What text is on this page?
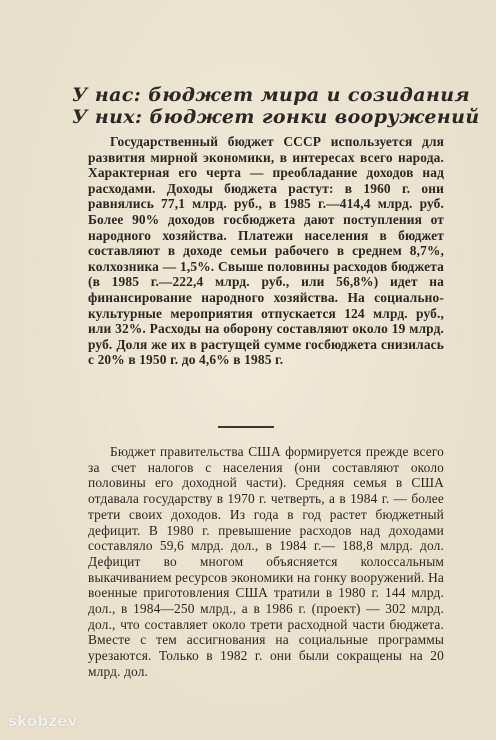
У нас: бюджет мира и созидания
У них: бюджет гонки вооружений

Государственный бюджет СССР используется для развития мирной экономики, в интересах всего народа. Характерная его черта — преобладание доходов над расходами. Доходы бюджета растут: в 1960 г. они равнялись 77,1 млрд. руб., в 1985 г.—414,4 млрд. руб. Более 90% доходов госбюджета дают поступления от народного хозяйства. Платежи населения в бюджет составляют в доходе семьи рабочего в среднем 8,7%, колхозника — 1,5%. Свыше половины расходов бюджета (в 1985 г.—222,4 млрд. руб., или 56,8%) идет на финансирование народного хозяйства. На социально-культурные мероприятия отпускается 124 млрд. руб., или 32%. Расходы на оборону составляют около 19 млрд. руб. Доля же их в растущей сумме госбюджета снизилась с 20% в 1950 г. до 4,6% в 1985 г.

Бюджет правительства США формируется прежде всего за счет налогов с населения (они составляют около половины его доходной части). Средняя семья в США отдавала государству в 1970 г. четверть, а в 1984 г. — более трети своих доходов. Из года в год растет бюджетный дефицит. В 1980 г. превышение расходов над доходами составляло 59,6 млрд. дол., в 1984 г.— 188,8 млрд. дол. Дефицит во многом объясняется колоссальным выкачиванием ресурсов экономики на гонку вооружений. На военные приготовления США тратили в 1980 г. 144 млрд. дол., в 1984—250 млрд., а в 1986 г. (проект) — 302 млрд. дол., что составляет около трети расходной части бюджета. Вместе с тем ассигнования на социальные программы урезаются. Только в 1982 г. они были сокращены на 20 млрд. дол.

skobzev
